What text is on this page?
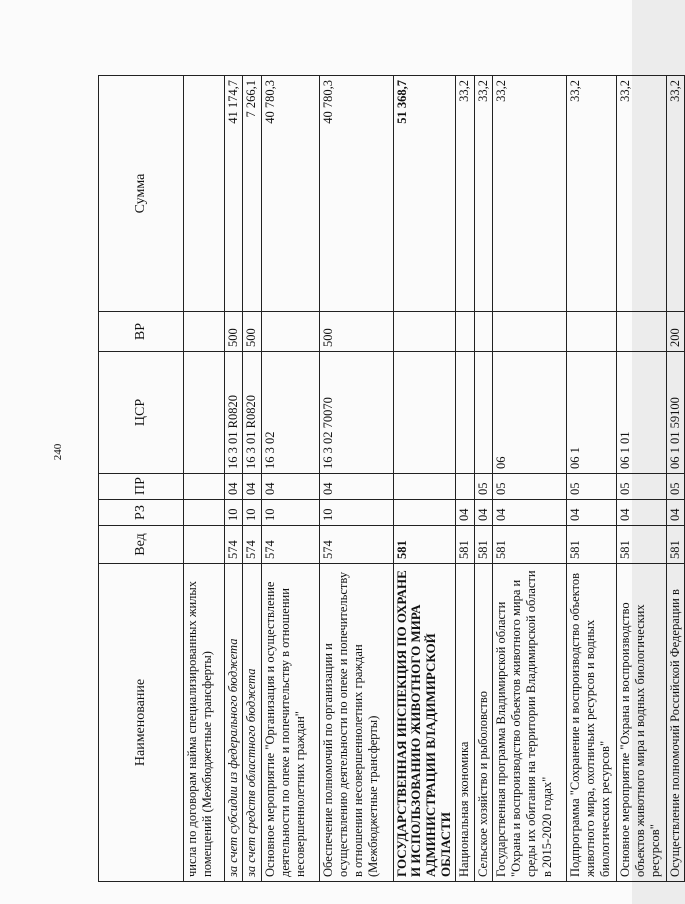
240
Наименование	Вед	РЗ	ПР	ЦСР	ВР	Сумма
числа по договорам найма специализированных жилых помещений (Межбюджетные трансферты)						
за счет субсидии из федерального бюджета	574	10	04	16 3 01 R0820	500	41 174,7
за счет средств областного бюджета	574	10	04	16 3 01 R0820	500	7 266,1
Основное мероприятие "Организация и осуществление деятельности по опеке и попечительству в отношении несовершеннолетних граждан"	574	10	04	16 3 02		40 780,3
Обеспечение полномочий по организации и осуществлению деятельности по опеке и попечительству в отношении несовершеннолетних граждан (Межбюджетные трансферты)	574	10	04	16 3 02 70070	500	40 780,3
ГОСУДАРСТВЕННАЯ ИНСПЕКЦИЯ ПО ОХРАНЕ И ИСПОЛЬЗОВАНИЮ ЖИВОТНОГО МИРА АДМИНИСТРАЦИИ ВЛАДИМИРСКОЙ ОБЛАСТИ	581					51 368,7
Национальная экономика	581	04				33,2
Сельское хозяйство и рыболовство	581	04	05			33,2
Государственная программа Владимирской области "Охрана и воспроизводство объектов животного мира и среды их обитания на территории Владимирской области в 2015-2020 годах"	581	04	05	06		33,2
Подпрограмма "Сохранение и воспроизводство объектов животного мира, охотничьих ресурсов и водных биологических ресурсов"	581	04	05	06 1		33,2
Основное мероприятие "Охрана и воспроизводство объектов животного мира и водных биологических ресурсов"	581	04	05	06 1 01		33,2
Осуществление полномочий Российской Федерации в	581	04	05	06 1 01 59100	200	33,2
